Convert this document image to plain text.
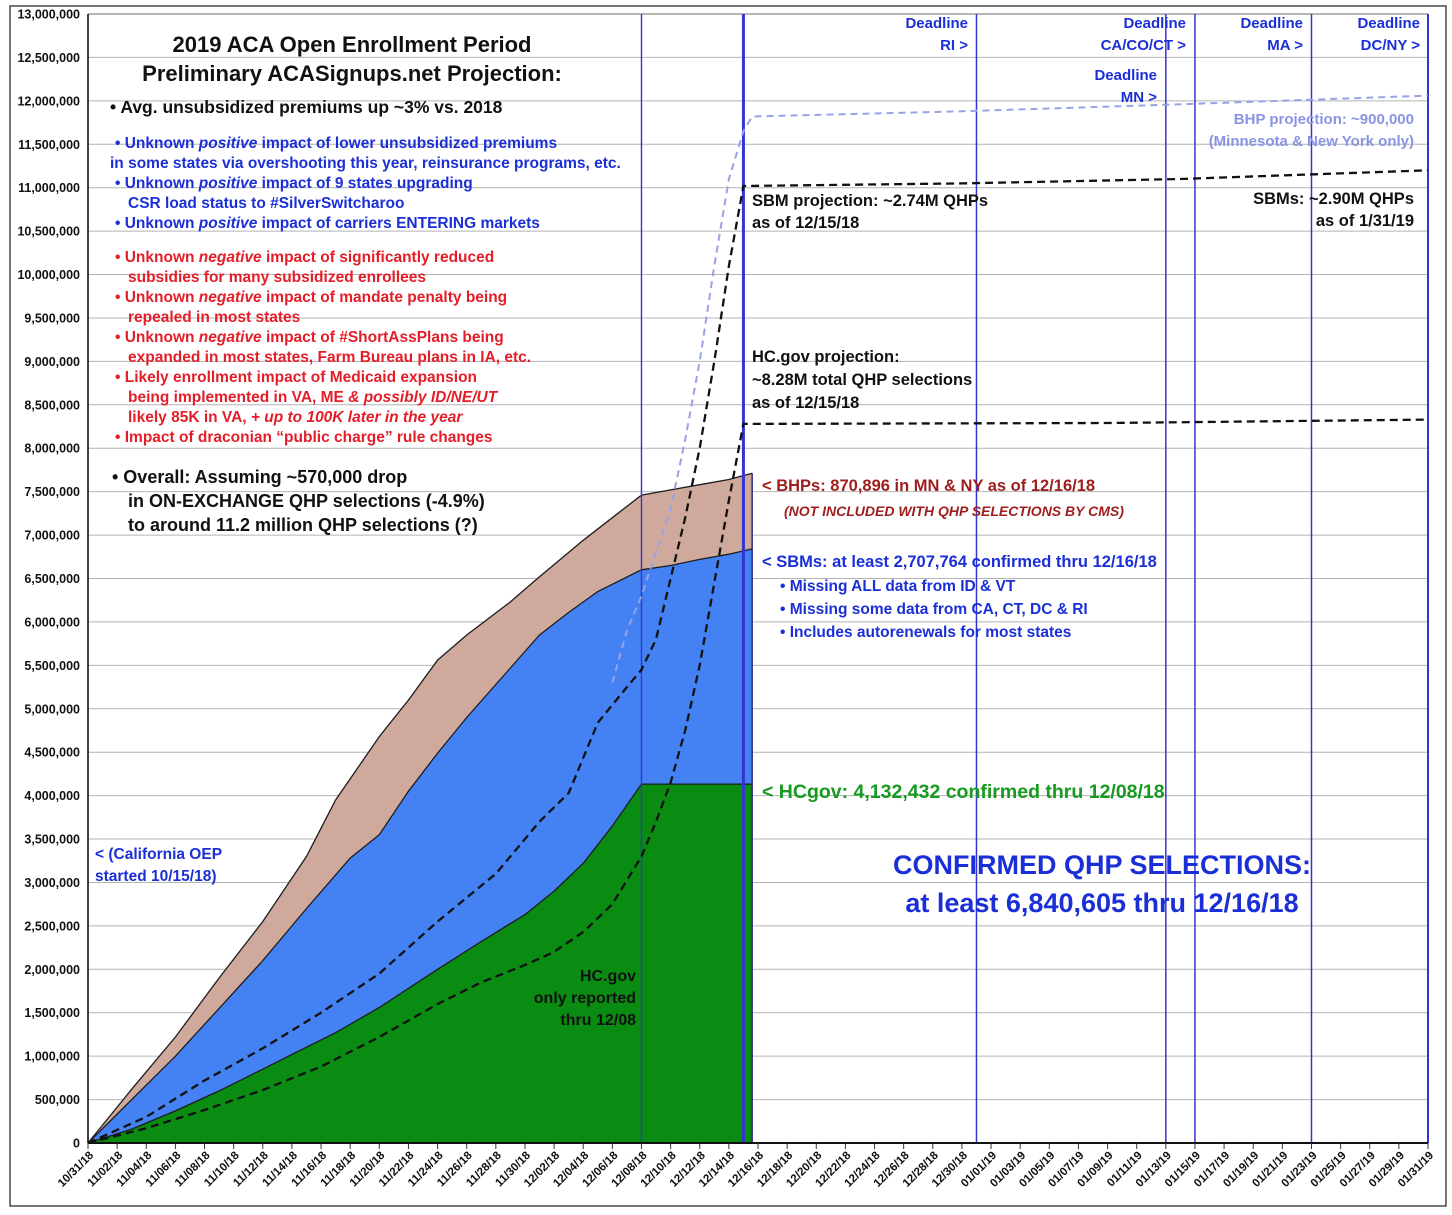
13,000,000
12,500,000
12,000,000
11,500,000
11,000,000
10,500,000
10,000,000
9,500,000
9,000,000
8,500,000
8,000,000
7,500,000
7,000,000
6,500,000
6,000,000
5,500,000
5,000,000
4,500,000
4,000,000
3,500,000
3,000,000
2,500,000
2,000,000
1,500,000
1,000,000
500,000
0
10/31/18
11/02/18
11/04/18
11/06/18
11/08/18
11/10/18
11/12/18
11/14/18
11/16/18
11/18/18
11/20/18
11/22/18
11/24/18
11/26/18
11/28/18
11/30/18
12/02/18
12/04/18
12/06/18
12/08/18
12/10/18
12/12/18
12/14/18
12/16/18
12/18/18
12/20/18
12/22/18
12/24/18
12/26/18
12/28/18
12/30/18
01/01/19
01/03/19
01/05/19
01/07/19
01/09/19
01/11/19
01/13/19
01/15/19
01/17/19
01/19/19
01/21/19
01/23/19
01/25/19
01/27/19
01/29/19
01/31/19
2019 ACA Open Enrollment Period
Preliminary ACASignups.net Projection:
• Avg. unsubsidized premiums up ~3% vs. 2018
• Unknown positive impact of lower unsubsidized premiums
in some states via overshooting this year, reinsurance programs, etc.
• Unknown positive impact of 9 states upgrading
CSR load status to #SilverSwitcharoo
• Unknown positive impact of carriers ENTERING markets
• Unknown negative impact of significantly reduced
subsidies for many subsidized enrollees
• Unknown negative impact of mandate penalty being
repealed in most states
• Unknown negative impact of #ShortAssPlans being
expanded in most states, Farm Bureau plans in IA, etc.
• Likely enrollment impact of Medicaid expansion
being implemented in VA, ME & possibly ID/NE/UT
likely 85K in VA, + up to 100K later in the year
• Impact of draconian “public charge” rule changes
• Overall: Assuming ~570,000 drop
in ON-EXCHANGE QHP selections (-4.9%)
to around 11.2 million QHP selections (?)
Deadline
RI >
Deadline
CA/CO/CT >
Deadline
MN >
Deadline
MA >
Deadline
DC/NY >
BHP projection: ~900,000
(Minnesota & New York only)
SBM projection: ~2.74M QHPs
as of 12/15/18
SBMs: ~2.90M QHPs
as of 1/31/19
HC.gov projection:
~8.28M total QHP selections
as of 12/15/18
< BHPs: 870,896 in MN & NY as of 12/16/18
(NOT INCLUDED WITH QHP SELECTIONS BY CMS)
< SBMs: at least 2,707,764 confirmed thru 12/16/18
• Missing ALL data from ID & VT
• Missing some data from CA, CT, DC & RI
• Includes autorenewals for most states
< HCgov: 4,132,432 confirmed thru 12/08/18
CONFIRMED QHP SELECTIONS:
at least 6,840,605 thru 12/16/18
< (California OEP
started 10/15/18)
HC.gov
only reported
thru 12/08
